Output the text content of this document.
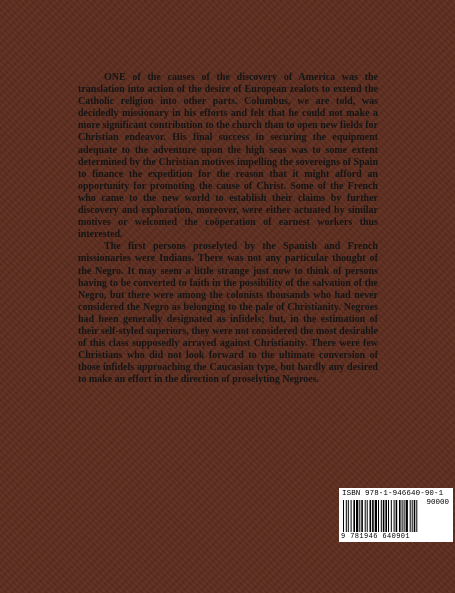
ONE of the causes of the discovery of America was the translation into action of the desire of European zealots to extend the Catholic religion into other parts. Columbus, we are told, was decidedly missionary in his efforts and felt that he could not make a more significant contribution to the church than to open new fields for Christian endeavor. His final success in securing the equipment adequate to the adventure upon the high seas was to some extent determined by the Christian motives impelling the sovereigns of Spain to finance the expedition for the reason that it might afford an opportunity for promoting the cause of Christ. Some of the French who came to the new world to establish their claims by further discovery and exploration, moreover, were either actuated by similar motives or welcomed the coöperation of earnest workers thus interested.

The first persons proselyted by the Spanish and French missionaries were Indians. There was not any particular thought of the Negro. It may seem a little strange just now to think of persons having to be converted to faith in the possibility of the salvation of the Negro, but there were among the colonists thousands who had never considered the Negro as belonging to the pale of Christianity. Negroes had been generally designated as infidels; but, in the estimation of their self-styled superiors, they were not considered the most desirable of this class supposedly arrayed against Christianity. There were few Christians who did not look forward to the ultimate conversion of those infidels approaching the Caucasian type, but hardly any desired to make an effort in the direction of proselyting Negroes.

ISBN 978-1-946640-90-1
90000
9 781946 640901
